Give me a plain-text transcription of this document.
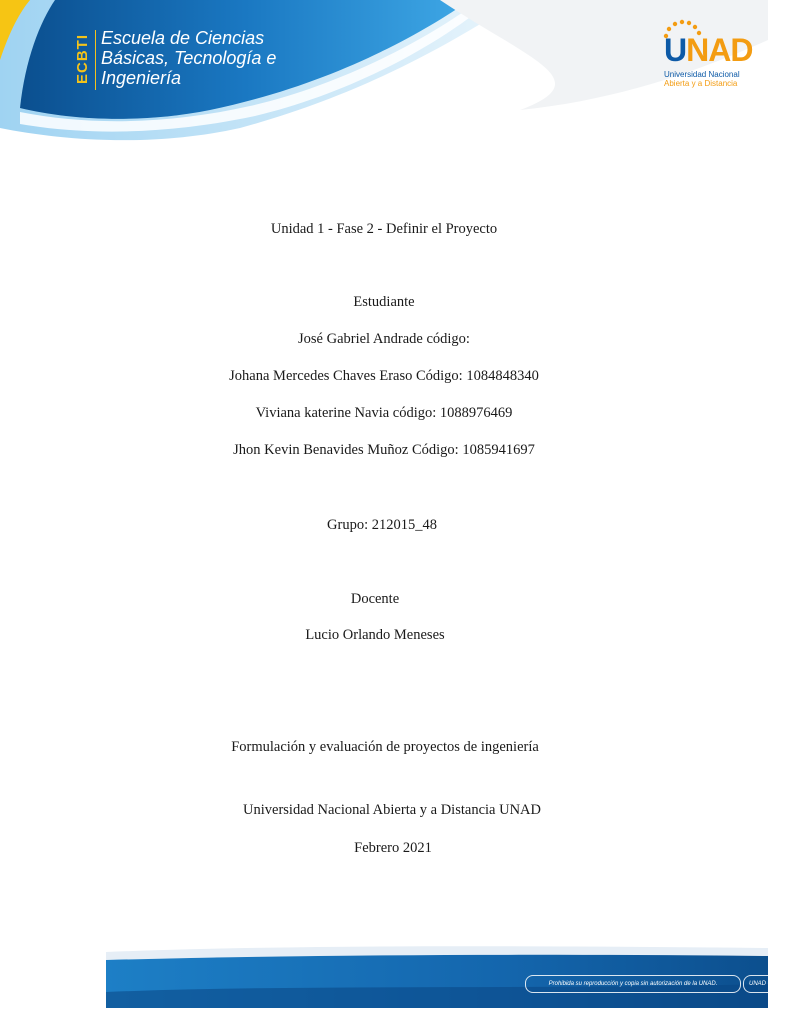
ECBTI Escuela de Ciencias
Básicas, Tecnología e
Ingeniería
UNAD
Universidad Nacional
Abierta y a Distancia
Unidad 1 - Fase 2 - Definir el Proyecto
Estudiante
José Gabriel Andrade código:
Johana Mercedes Chaves Eraso Código: 1084848340
Viviana katerine Navia código: 1088976469
Jhon Kevin Benavides Muñoz Código: 1085941697
Grupo: 212015_48
Docente
Lucio Orlando Meneses
Formulación y evaluación de proyectos de ingeniería
Universidad Nacional Abierta y a Distancia UNAD
Febrero 2021
Prohibida su reproducción y copia sin autorización de la UNAD.	UNAD C
